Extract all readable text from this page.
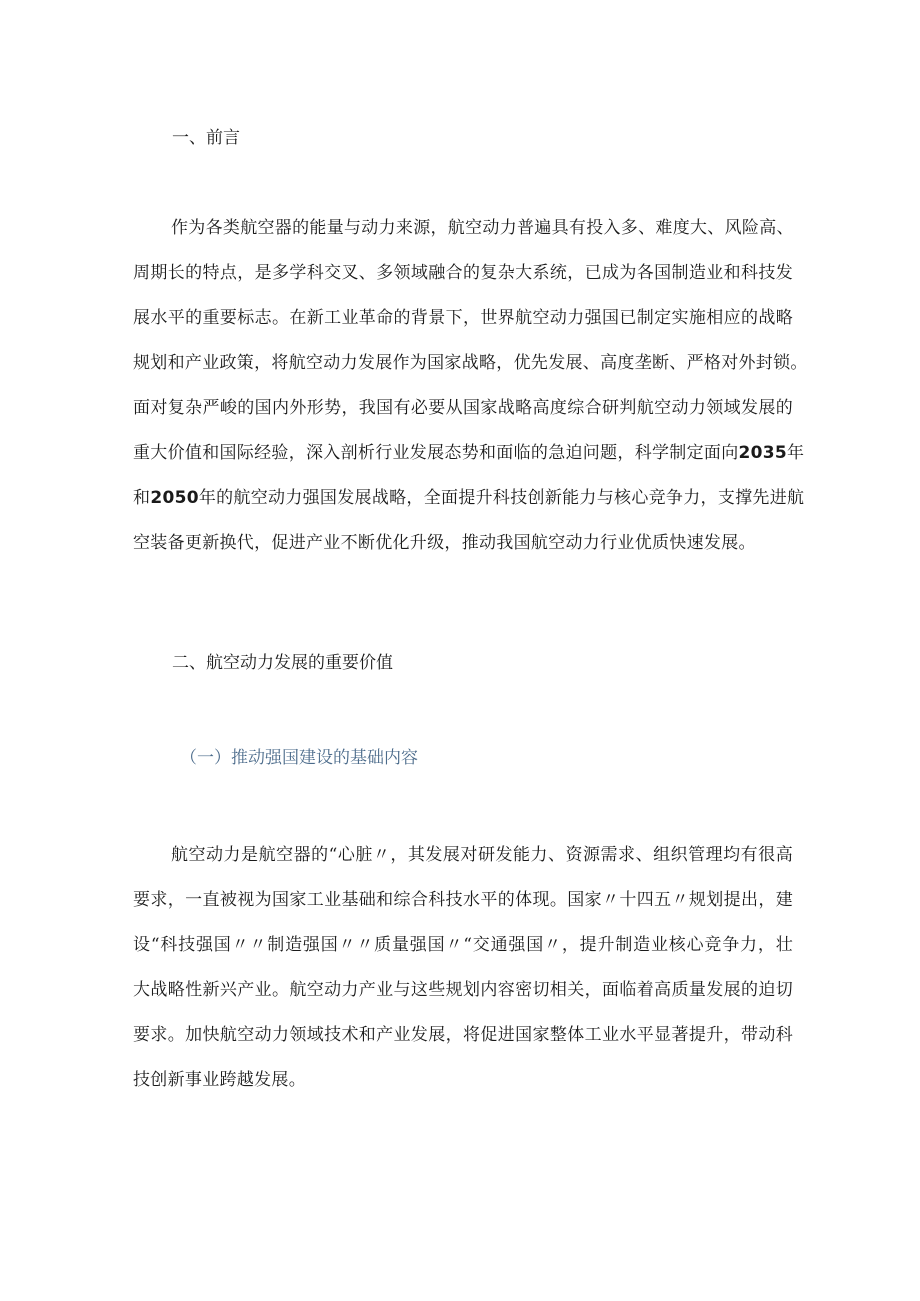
一、前言
作为各类航空器的能量与动力来源，航空动力普遍具有投入多、难度大、风险高、
周期长的特点，是多学科交叉、多领域融合的复杂大系统，已成为各国制造业和科技发
展水平的重要标志。在新工业革命的背景下，世界航空动力强国已制定实施相应的战略
规划和产业政策，将航空动力发展作为国家战略，优先发展、高度垄断、严格对外封锁。
面对复杂严峻的国内外形势，我国有必要从国家战略高度综合研判航空动力领域发展的
重大价值和国际经验，深入剖析行业发展态势和面临的急迫问题，科学制定面向2035年
和2050年的航空动力强国发展战略，全面提升科技创新能力与核心竞争力，支撑先进航
空装备更新换代，促进产业不断优化升级，推动我国航空动力行业优质快速发展。
二、航空动力发展的重要价值
（一）推动强国建设的基础内容
航空动力是航空器的“心脏〃，其发展对研发能力、资源需求、组织管理均有很高
要求，一直被视为国家工业基础和综合科技水平的体现。国家〃十四五〃规划提出，建
设“科技强国〃〃制造强国〃〃质量强国〃“交通强国〃，提升制造业核心竞争力，壮
大战略性新兴产业。航空动力产业与这些规划内容密切相关，面临着高质量发展的迫切
要求。加快航空动力领域技术和产业发展，将促进国家整体工业水平显著提升，带动科
技创新事业跨越发展。
